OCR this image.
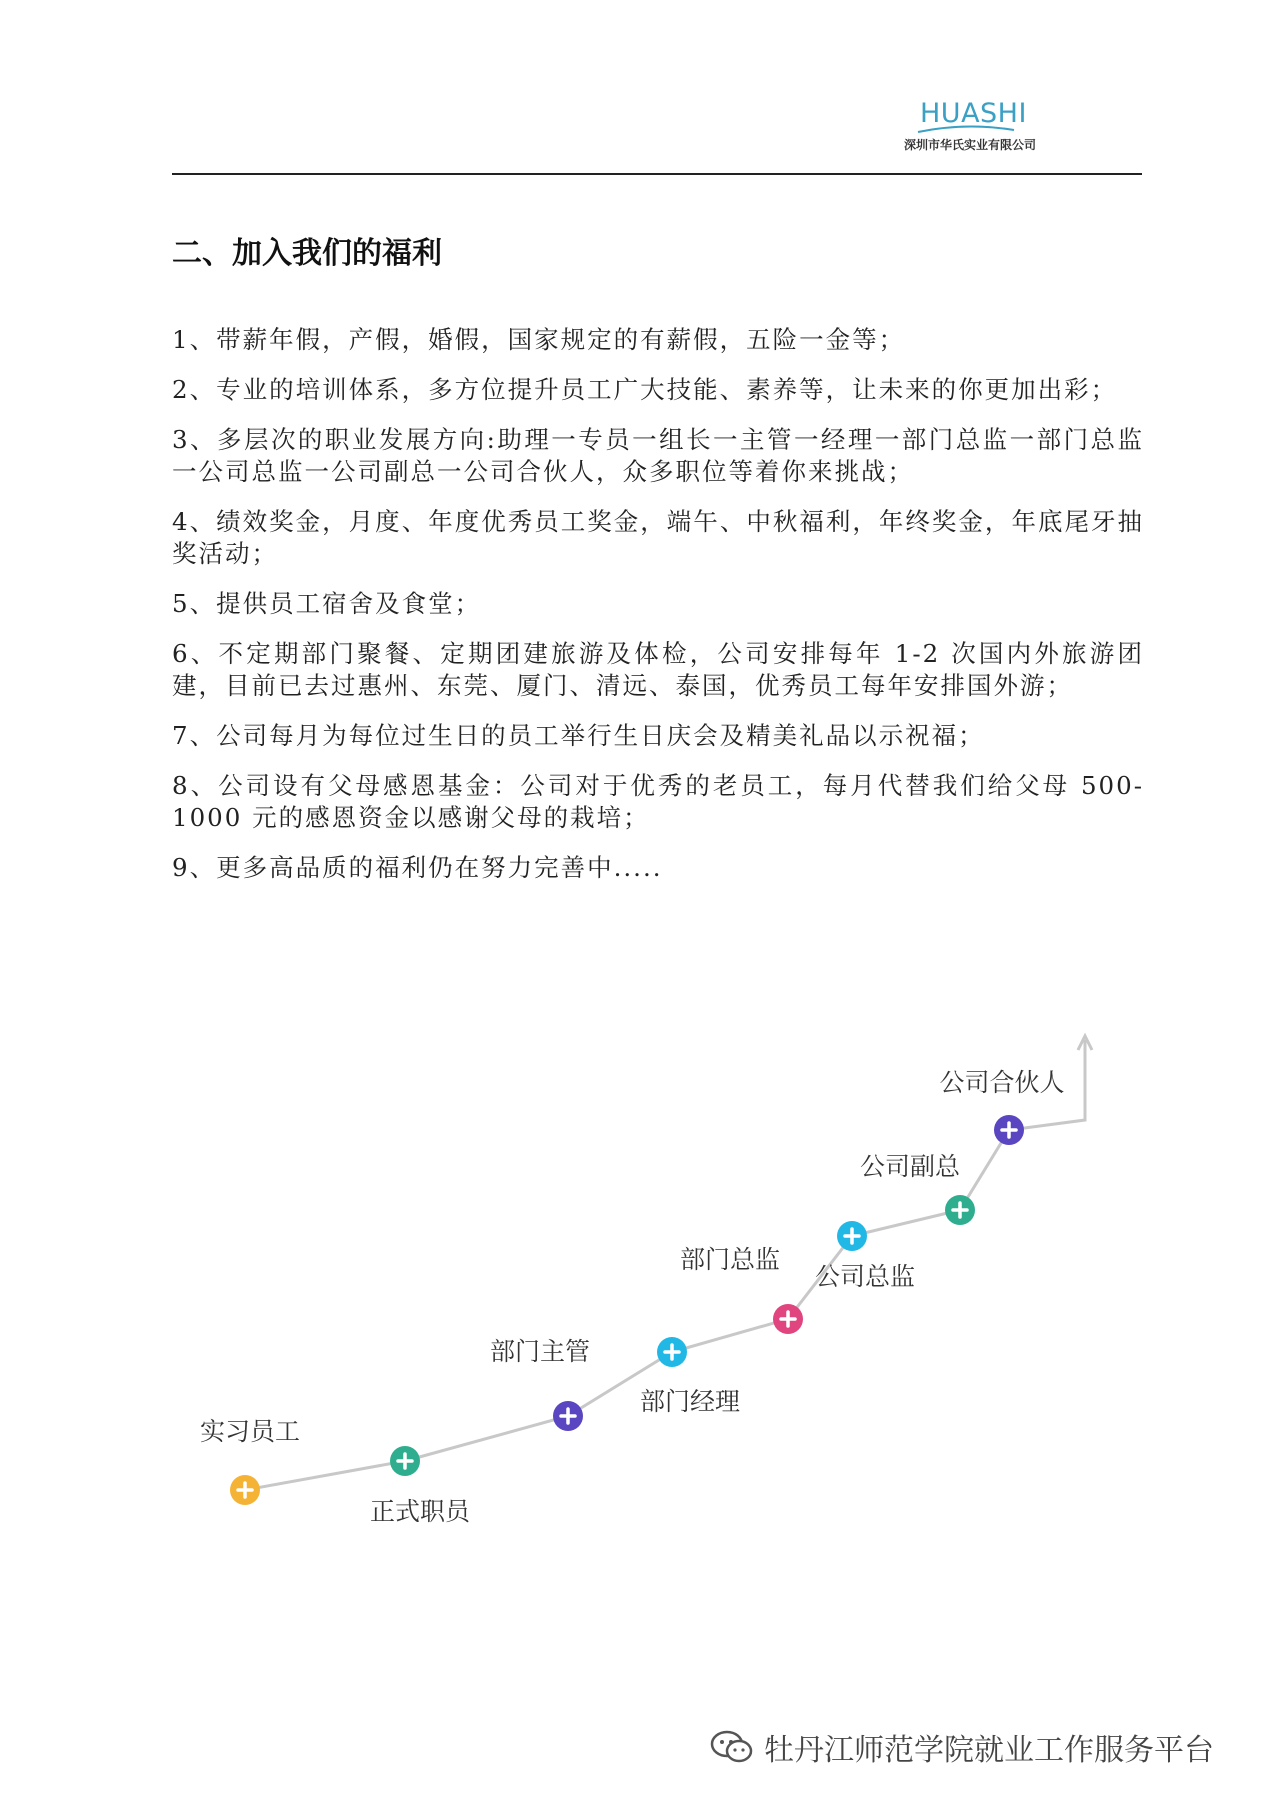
HUASHI
深圳市华氏实业有限公司
二、加入我们的福利
1、带薪年假，产假，婚假，国家规定的有薪假，五险一金等；
2、专业的培训体系，多方位提升员工广大技能、素养等，让未来的你更加出彩；
3、多层次的职业发展方向:助理一专员一组长一主管一经理一部门总监一部门总监一公司总监一公司副总一公司合伙人，众多职位等着你来挑战；
4、绩效奖金，月度、年度优秀员工奖金，端午、中秋福利，年终奖金，年底尾牙抽奖活动；
5、提供员工宿舍及食堂；
6、不定期部门聚餐、定期团建旅游及体检，公司安排每年 1-2 次国内外旅游团建，目前已去过惠州、东莞、厦门、清远、泰国，优秀员工每年安排国外游；
7、公司每月为每位过生日的员工举行生日庆会及精美礼品以示祝福；
8、公司设有父母感恩基金：公司对于优秀的老员工，每月代替我们给父母 500-1000 元的感恩资金以感谢父母的栽培；
9、更多高品质的福利仍在努力完善中.....
实习员工
正式职员
部门主管
部门经理
部门总监
公司总监
公司副总
公司合伙人
牡丹江师范学院就业工作服务平台
